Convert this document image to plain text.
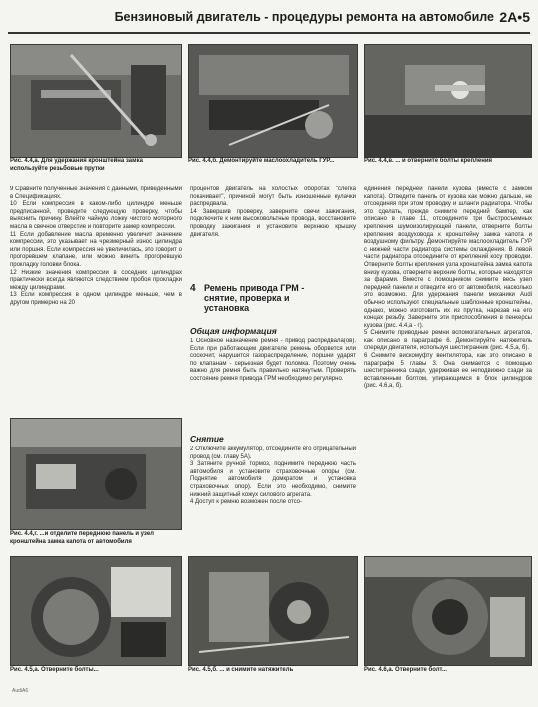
Бензиновый двигатель - процедуры ремонта на автомобиле 2A•5
Рис. 4.4,а. Для удержания кронштейна замка используйте резьбовые прутки
Рис. 4.4,б. Демонтируйте маслоохладитель ГУР...	Рис. 4.4,в. ... и отверните болты крепления

9 Сравните полученные значения с данными, приведенными в Спецификациях.

10 Если компрессия в каком-либо цилиндре меньше предписанной, проведите следующую проверку, чтобы выяснить причину. Влейте чайную ложку чистого моторного масла в свечное отверстие и повторите замер компрессии.

11 Если добавление масла временно увеличит значение компрессии, это указывает на чрезмерный износ цилиндра или поршня. Если компрессия не увеличилась, это говорит о прогоревшем клапане, или можно винить прогоревшую прокладку головки блока.

12 Низкие значения компрессии в соседних цилиндрах практически всегда являются следствием пробоя прокладки между цилиндрами.

13 Если компрессия в одном цилиндре меньше, чем в другом примерно на 20

Рис. 4.4,г. ...и отделите переднюю панель и узел кронштейна замка капота от автомобиля

процентов двигатель на холостых оборотах "слегка покачивает", причиной могут быть изношенные кулачки распредвала.

14 Завершив проверку, заверните свечи зажигания, подключите к ним высоковольтные провода, восстановите проводку зажигания и установите верхнюю крышку двигателя.

4 Ремень привода ГРМ - снятие, проверка и установка
Общая информация

1 Основное назначение ремня - привод распредвала(ов). Если при работающем двигателе ремень оборвется или соскочит, нарушится газораспределение, поршни ударят по клапанам - серьезная будет поломка. Поэтому очень важно для ремня быть правильно натянутым. Проверять состояние ремня привода ГРМ необходимо регулярно.

Снятие

2 Отключите аккумулятор, отсоедините его отрицательный провод (см. главу 5А).

3 Затяните ручной тормоз, поднимите переднюю часть автомобиля и установите страховочные опоры (см. Поднятие автомобиля домкратом и установка страховочных опор). Если это необходимо, снимите нижний защитный кожух силового агрегата.

4 Доступ к ремню возможен после отсо-

единения передней панели кузова (вместе с замком капота). Отведите панель от кузова как можно дальше, не отсоединяя при этом проводку и шланги радиатора. Чтобы это сделать, прежде снимите передний бампер, как описано в главе 11, отсоедините три быстросъемных крепления шумоизолирующей панели, отверните болты крепления воздуховода к кронштейну замка капота и воздушному фильтру. Демонтируйте маслоохладитель ГУР с нижней части радиатора системы охлаждения. В левой части радиатора отсоедините от креплений косу проводки. Отверните болты крепления узла кронштейна замка капота внизу кузова, отверните верхние болты, которые находятся за фарами. Вместе с помощником снимите весь узел передней панели и отведите его от автомобиля, насколько это возможно. Для удержания панели механики Audi обычно используют специальные шаблонные кронштейны, однако, можно изготовить их из прутка, нарезав на его концах резьбу. Заверните эти приспособления в пенкерсы кузова (рис. 4.4,а - г).

5 Снимите приводные ремни вспомогательных агрегатов, как описано в параграфе 6. Демонтируйте натяжитель спереди двигателя, используя шестигранник (рис. 4.5,а, б).

6 Снимите вискомуфту вентилятора, как это описано в параграфе 5 главы 3. Она снимается с помощью шестигранника сзади, удерживая ее неподвижно сзади за вставленным болтом, упирающимся в блок цилиндров (рис. 4.6,а, б).

Рис. 4.5,а. Отверните болты...	Рис. 4.5,б. ... и снимите натяжитель	Рис. 4.6,а. Отверните болт...
AudiA6
